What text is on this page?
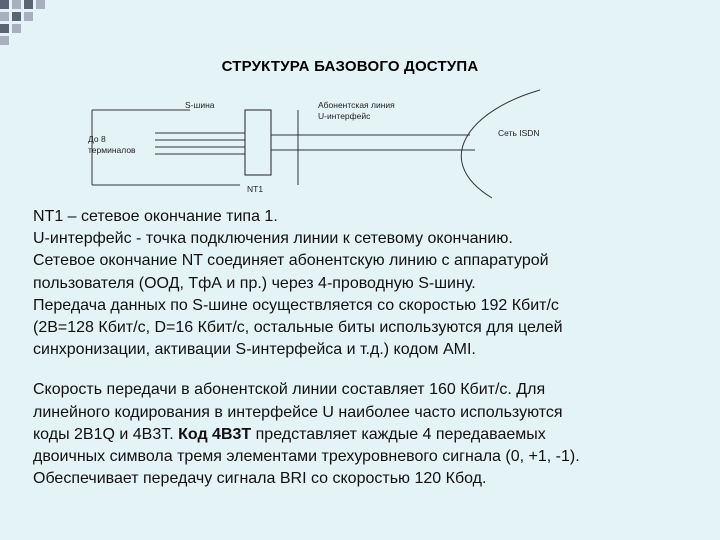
СТРУКТУРА БАЗОВОГО ДОСТУПА
S-шина	Абонентская линия
U-интерфейс
Сеть ISDN
До 8
терминалов
NT1

NT1 – сетевое окончание типа 1.

U-интерфейс - точка подключения линии к сетевому окончанию.

Сетевое окончание NT соединяет абонентскую линию с аппаратурой

пользователя (ООД, ТфА и пр.) через 4-проводную S-шину.

Передача данных по S-шине осуществляется со скоростью 192 Кбит/с

(2B=128 Кбит/с, D=16 Кбит/с, остальные биты используются для целей

синхронизации, активации S-интерфейса и т.д.) кодом AMI.

Скорость передачи в абонентской линии составляет 160 Кбит/с. Для

линейного кодирования в интерфейсе U наиболее часто используются

коды 2B1Q и 4B3T. Код 4B3T представляет каждые 4 передаваемых

двоичных символа тремя элементами трехуровневого сигнала (0, +1, -1).

Обеспечивает передачу сигнала BRI со скоростью 120 Кбод.
